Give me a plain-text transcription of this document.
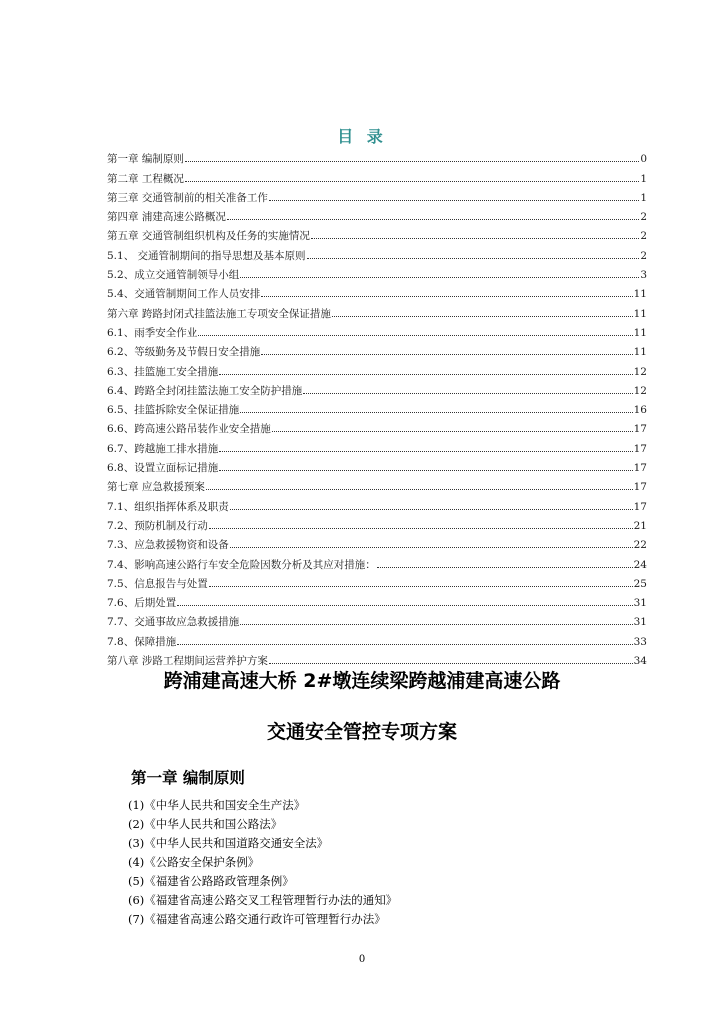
目 录
第一章 编制原则	0
第二章 工程概况	1
第三章 交通管制前的相关准备工作	1
第四章 浦建高速公路概况	2
第五章 交通管制组织机构及任务的实施情况	2
5.1、 交通管制期间的指导思想及基本原则	2
5.2、成立交通管制领导小组	3
5.4、交通管制期间工作人员安排	11
第六章 跨路封闭式挂篮法施工专项安全保证措施	11
6.1、雨季安全作业	11
6.2、等级勤务及节假日安全措施	11
6.3、挂篮施工安全措施	12
6.4、跨路全封闭挂篮法施工安全防护措施	12
6.5、挂篮拆除安全保证措施	16
6.6、跨高速公路吊装作业安全措施	17
6.7、跨越施工排水措施	17
6.8、设置立面标记措施	17
第七章 应急救援预案	17
7.1、组织指挥体系及职责	17
7.2、预防机制及行动	21
7.3、应急救援物资和设备	22
7.4、影响高速公路行车安全危险因数分析及其应对措施：	24
7.5、信息报告与处置	25
7.6、后期处置	31
7.7、交通事故应急救援措施	31
7.8、保障措施	33
第八章 涉路工程期间运营养护方案	34
跨浦建高速大桥 2#墩连续梁跨越浦建高速公路
交通安全管控专项方案
第一章 编制原则
(1)《中华人民共和国安全生产法》
(2)《中华人民共和国公路法》
(3)《中华人民共和国道路交通安全法》
(4)《公路安全保护条例》
(5)《福建省公路路政管理条例》
(6)《福建省高速公路交叉工程管理暂行办法的通知》
(7)《福建省高速公路交通行政许可管理暂行办法》
0
